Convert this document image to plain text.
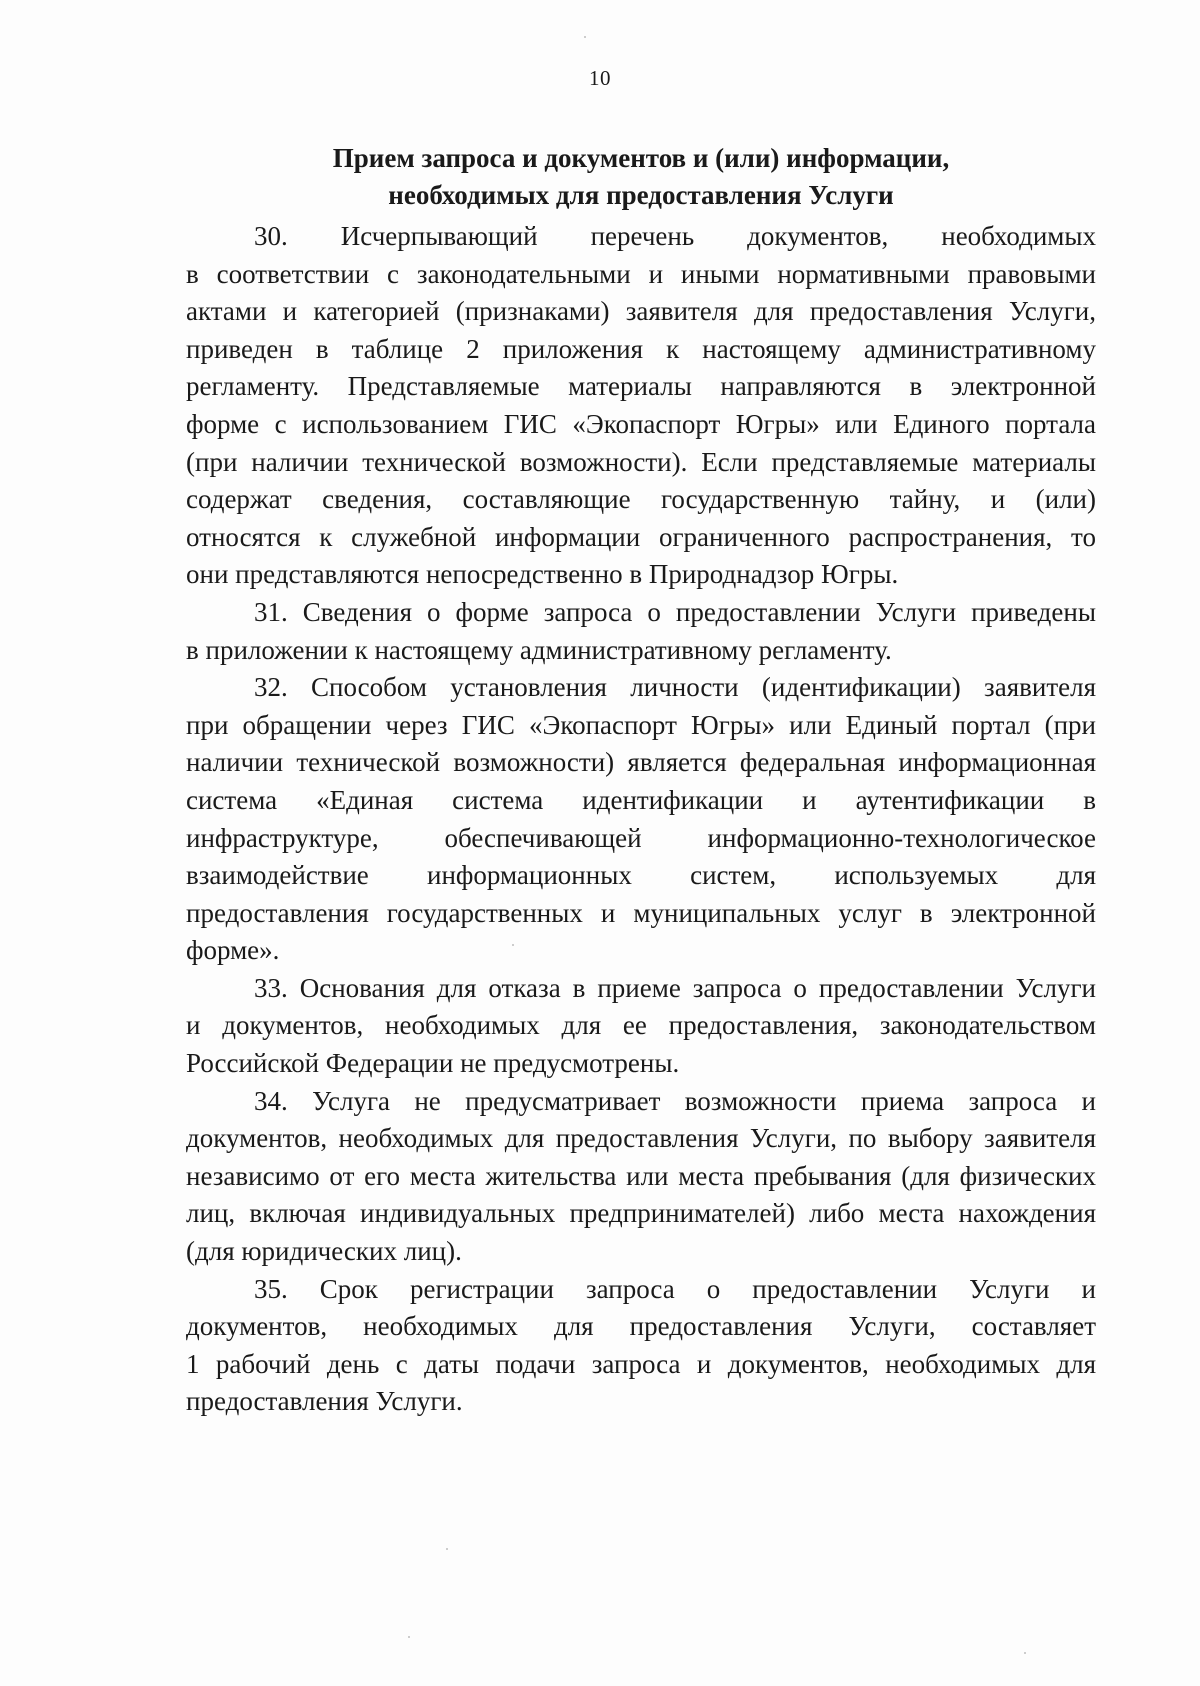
10
Прием запроса и документов и (или) информации,
необходимых для предоставления Услуги

30. Исчерпывающий перечень документов, необходимых
в соответствии с законодательными и иными нормативными правовыми
актами и категорией (признаками) заявителя для предоставления Услуги,
приведен в таблице 2 приложения к настоящему административному
регламенту. Представляемые материалы направляются в электронной
форме с использованием ГИС «Экопаспорт Югры» или Единого портала
(при наличии технической возможности). Если представляемые материалы
содержат сведения, составляющие государственную тайну, и (или)
относятся к служебной информации ограниченного распространения, то
они представляются непосредственно в Природнадзор Югры.

31. Сведения о форме запроса о предоставлении Услуги приведены
в приложении к настоящему административному регламенту.

32. Способом установления личности (идентификации) заявителя
при обращении через ГИС «Экопаспорт Югры» или Единый портал (при
наличии технической возможности) является федеральная информационная
система «Единая система идентификации и аутентификации в
инфраструктуре, обеспечивающей информационно-технологическое
взаимодействие информационных систем, используемых для
предоставления государственных и муниципальных услуг в электронной
форме».

33. Основания для отказа в приеме запроса о предоставлении Услуги
и документов, необходимых для ее предоставления, законодательством
Российской Федерации не предусмотрены.

34. Услуга не предусматривает возможности приема запроса и
документов, необходимых для предоставления Услуги, по выбору заявителя
независимо от его места жительства или места пребывания (для физических
лиц, включая индивидуальных предпринимателей) либо места нахождения
(для юридических лиц).

35. Срок регистрации запроса о предоставлении Услуги и
документов, необходимых для предоставления Услуги, составляет
1 рабочий день с даты подачи запроса и документов, необходимых для
предоставления Услуги.
